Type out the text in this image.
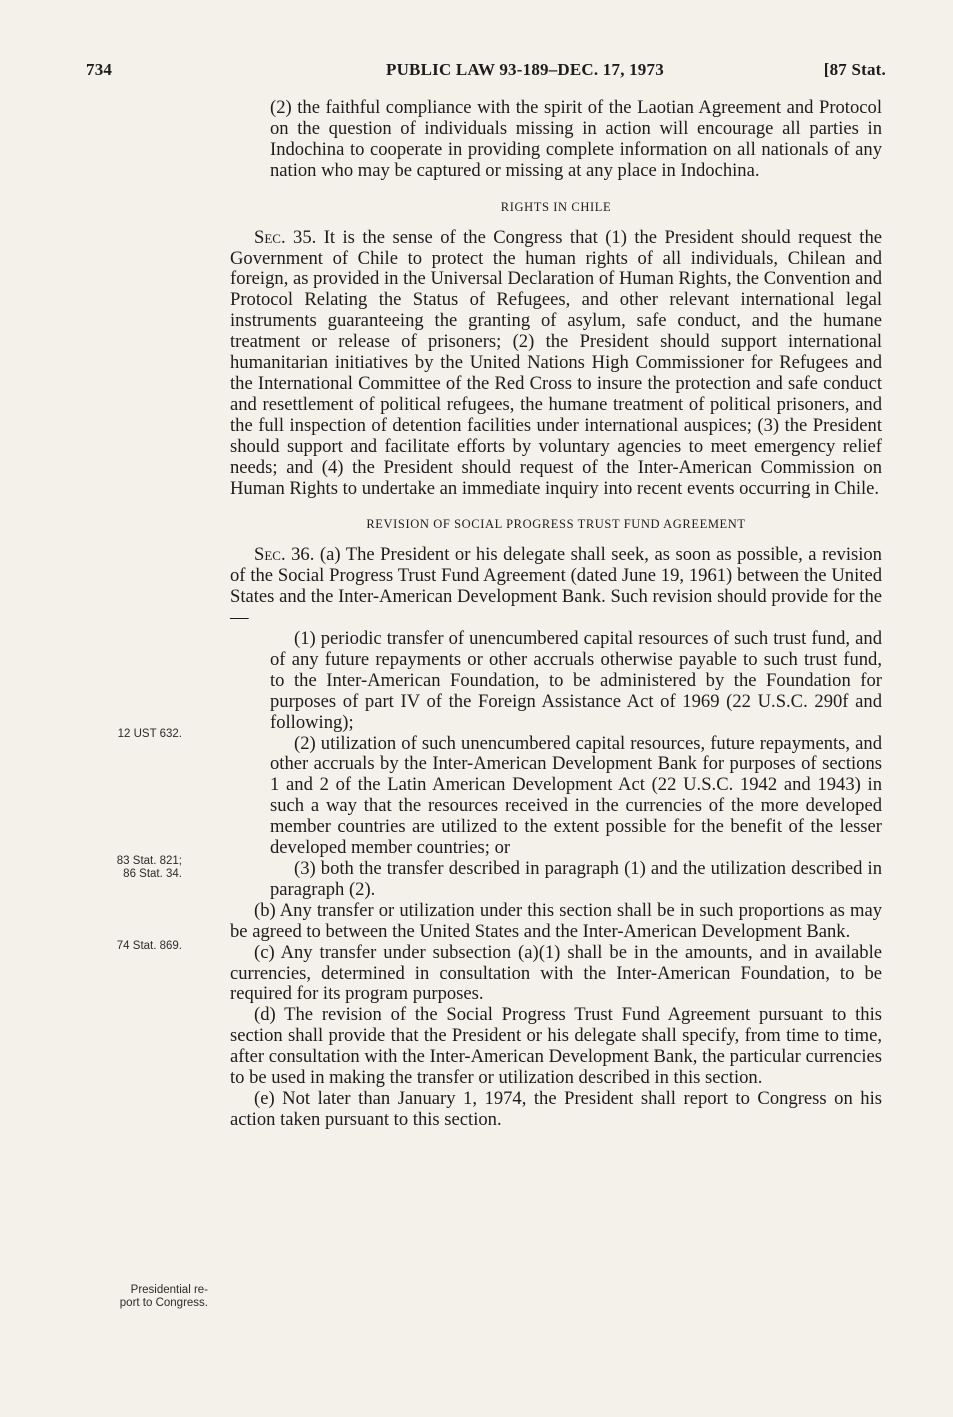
734	PUBLIC LAW 93-189–DEC. 17, 1973	[87 Stat.

(2) the faithful compliance with the spirit of the Laotian Agreement and Protocol on the question of individuals missing in action will encourage all parties in Indochina to cooperate in providing complete information on all nationals of any nation who may be captured or missing at any place in Indochina.

RIGHTS IN CHILE

Sec. 35. It is the sense of the Congress that (1) the President should request the Government of Chile to protect the human rights of all individuals, Chilean and foreign, as provided in the Universal Declaration of Human Rights, the Convention and Protocol Relating the Status of Refugees, and other relevant international legal instruments guaranteeing the granting of asylum, safe conduct, and the humane treatment or release of prisoners; (2) the President should support international humanitarian initiatives by the United Nations High Commissioner for Refugees and the International Committee of the Red Cross to insure the protection and safe conduct and resettlement of political refugees, the humane treatment of political prisoners, and the full inspection of detention facilities under international auspices; (3) the President should support and facilitate efforts by voluntary agencies to meet emergency relief needs; and (4) the President should request of the Inter-American Commission on Human Rights to undertake an immediate inquiry into recent events occurring in Chile.

REVISION OF SOCIAL PROGRESS TRUST FUND AGREEMENT

Sec. 36. (a) The President or his delegate shall seek, as soon as possible, a revision of the Social Progress Trust Fund Agreement (dated June 19, 1961) between the United States and the Inter-American Development Bank. Such revision should provide for the—

(1) periodic transfer of unencumbered capital resources of such trust fund, and of any future repayments or other accruals otherwise payable to such trust fund, to the Inter-American Foundation, to be administered by the Foundation for purposes of part IV of the Foreign Assistance Act of 1969 (22 U.S.C. 290f and following);

(2) utilization of such unencumbered capital resources, future repayments, and other accruals by the Inter-American Development Bank for purposes of sections 1 and 2 of the Latin American Development Act (22 U.S.C. 1942 and 1943) in such a way that the resources received in the currencies of the more developed member countries are utilized to the extent possible for the benefit of the lesser developed member countries; or

(3) both the transfer described in paragraph (1) and the utilization described in paragraph (2).

(b) Any transfer or utilization under this section shall be in such proportions as may be agreed to between the United States and the Inter-American Development Bank.

(c) Any transfer under subsection (a)(1) shall be in the amounts, and in available currencies, determined in consultation with the Inter-American Foundation, to be required for its program purposes.

(d) The revision of the Social Progress Trust Fund Agreement pursuant to this section shall provide that the President or his delegate shall specify, from time to time, after consultation with the Inter-American Development Bank, the particular currencies to be used in making the transfer or utilization described in this section.

(e) Not later than January 1, 1974, the President shall report to Congress on his action taken pursuant to this section.

12 UST 632.
83 Stat. 821;
86 Stat. 34.
74 Stat. 869.
Presidential re-
port to Congress.
